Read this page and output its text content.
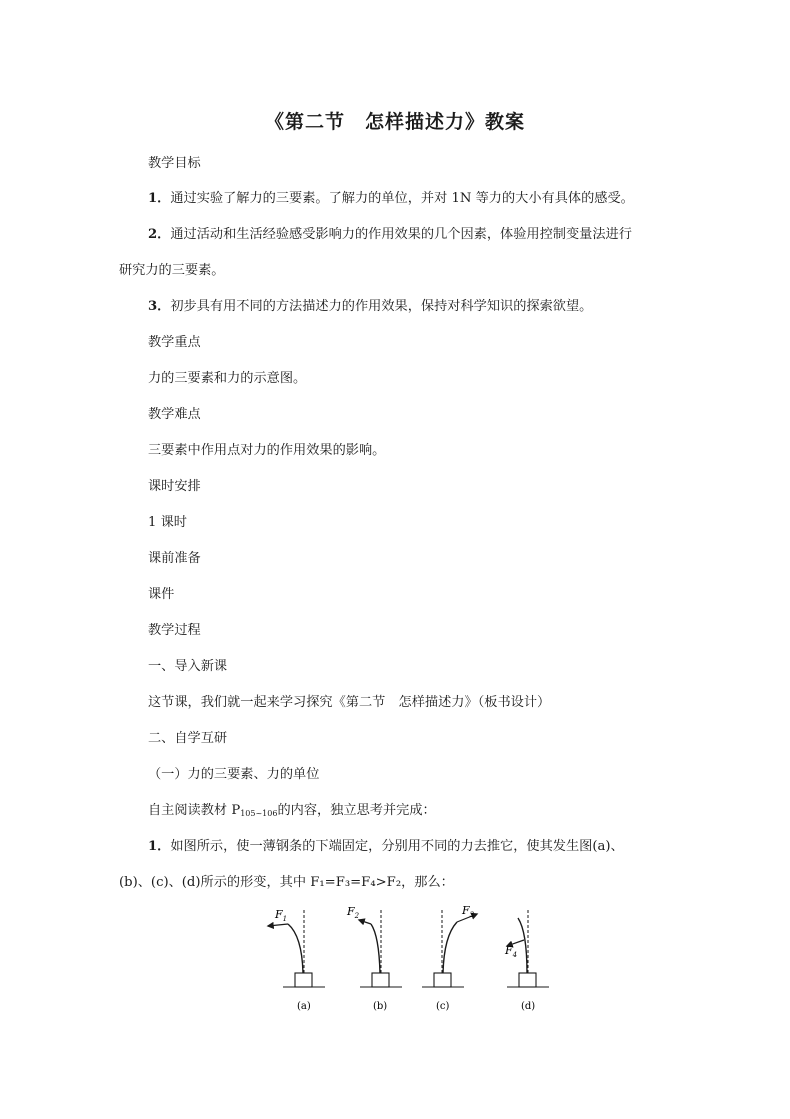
《第二节　怎样描述力》教案
教学目标
1．通过实验了解力的三要素。了解力的单位，并对 1N 等力的大小有具体的感受。
2．通过活动和生活经验感受影响力的作用效果的几个因素，体验用控制变量法进行
研究力的三要素。
3．初步具有用不同的方法描述力的作用效果，保持对科学知识的探索欲望。
教学重点
力的三要素和力的示意图。
教学难点
三要素中作用点对力的作用效果的影响。
课时安排
1 课时
课前准备
课件
教学过程
一、导入新课
这节课，我们就一起来学习探究《第二节　怎样描述力》（板书设计）
二、自学互研
（一）力的三要素、力的单位
自主阅读教材 $P_{105\sim 106}$的内容，独立思考并完成：
1．如图所示，使一薄钢条的下端固定，分别用不同的力去推它，使其发生图(a)、
(b)、(c)、(d)所示的形变，其中 F₁=F₃=F₄>F₂，那么：
$F_1$
(a)
$F_2$
(b)
$F_3$
(c)
$F_4$
(d)
